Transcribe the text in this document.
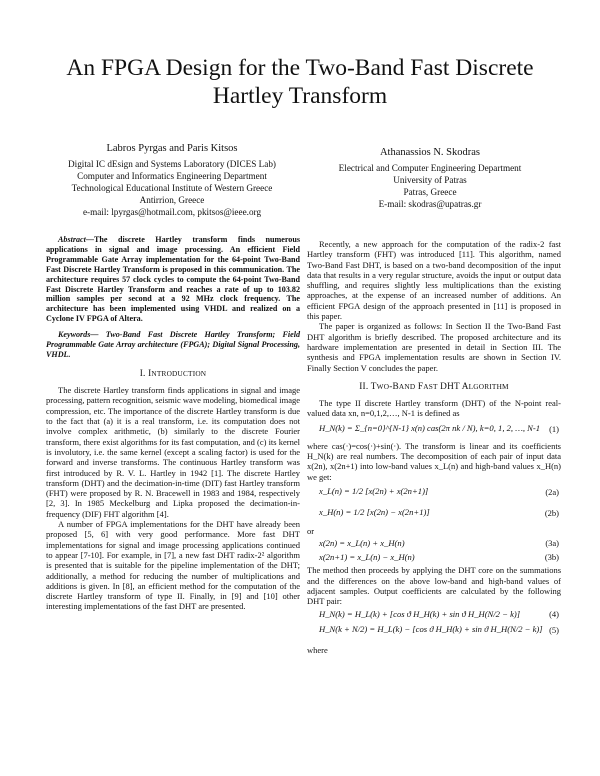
An FPGA Design for the Two-Band Fast Discrete Hartley Transform
Labros Pyrgas and Paris Kitsos
Digital IC dEsign and Systems Laboratory (DICES Lab)
Computer and Informatics Engineering Department
Technological Educational Institute of Western Greece
Antirrion, Greece
e-mail: lpyrgas@hotmail.com, pkitsos@ieee.org
Athanassios N. Skodras
Electrical and Computer Engineering Department
University of Patras
Patras, Greece
E-mail: skodras@upatras.gr

Abstract—The discrete Hartley transform finds numerous applications in signal and image processing. An efficient Field Programmable Gate Array implementation for the 64-point Two-Band Fast Discrete Hartley Transform is proposed in this communication. The architecture requires 57 clock cycles to compute the 64-point Two-Band Fast Discrete Hartley Transform and reaches a rate of up to 103.82 million samples per second at a 92 MHz clock frequency. The architecture has been implemented using VHDL and realized on a Cyclone IV FPGA of Altera.

Keywords— Two-Band Fast Discrete Hartley Transform; Field Programmable Gate Array architecture (FPGA); Digital Signal Processing, VHDL.

I. INTRODUCTION

The discrete Hartley transform finds applications in signal and image processing, pattern recognition, seismic wave modeling, biomedical image compression, etc. The importance of the discrete Hartley transform is due to the fact that (a) it is a real transform, i.e. its computation does not involve complex arithmetic, (b) similarly to the discrete Fourier transform, there exist algorithms for its fast computation, and (c) its kernel is involutory, i.e. the same kernel (except a scaling factor) is used for the forward and inverse transforms. The continuous Hartley transform was first introduced by R. V. L. Hartley in 1942 [1]. The discrete Hartley transform (DHT) and the decimation-in-time (DIT) fast Hartley transform (FHT) were proposed by R. N. Bracewell in 1983 and 1984, respectively [2, 3]. In 1985 Meckelburg and Lipka proposed the decimation-in-frequency (DIF) FHT algorithm [4].

A number of FPGA implementations for the DHT have already been proposed [5, 6] with very good performance. More fast DHT implementations for signal and image processing applications continued to appear [7-10]. For example, in [7], a new fast DHT radix-2² algorithm is presented that is suitable for the pipeline implementation of the DHT; additionally, a method for reducing the number of multiplications and additions is given. In [8], an efficient method for the computation of the discrete Hartley transform of type II. Finally, in [9] and [10] other interesting implementations of the fast DHT are presented.

Recently, a new approach for the computation of the radix-2 fast Hartley transform (FHT) was introduced [11]. This algorithm, named Two-Band Fast DHT, is based on a two-band decomposition of the input data that results in a very regular structure, avoids the input or output data shuffling, and requires slightly less multiplications than the existing approaches, at the expense of an increased number of additions. An efficient FPGA design of the approach presented in [11] is proposed in this paper.

The paper is organized as follows: In Section II the Two-Band Fast DHT algorithm is briefly described. The proposed architecture and its hardware implementation are presented in detail in Section III. The synthesis and FPGA implementation results are shown in Section IV. Finally Section V concludes the paper.

II. TWO-BAND FAST DHT ALGORITHM

The type II discrete Hartley transform (DHT) of the N-point real-valued data xn, n=0,1,2,…, N-1 is defined as

H_N(k) = Σ_{n=0}^{N-1} x(n) cas(2π nk / N), k=0, 1, 2, …, N-1 (1)

where cas(·)=cos(·)+sin(·). The transform is linear and its coefficients H_N(k) are real numbers. The decomposition of each pair of input data x(2n), x(2n+1) into low-band values x_L(n) and high-band values x_H(n) we get:

x_L(n) = 1/2 [x(2n) + x(2n+1)]	(2a)
x_H(n) = 1/2 [x(2n) − x(2n+1)]	(2b)

or

x(2n) = x_L(n) + x_H(n)	(3a)
x(2n+1) = x_L(n) − x_H(n)	(3b)

The method then proceeds by applying the DHT core on the summations and the differences on the above low-band and high-band values of adjacent samples. Output coefficients are calculated by the following DHT pair:

H_N(k) = H_L(k) + [cos ϑ H_H(k) + sin ϑ H_H(N/2 − k)]	(4)
H_N(k + N/2) = H_L(k) − [cos ϑ H_H(k) + sin ϑ H_H(N/2 − k)] (5)

where
